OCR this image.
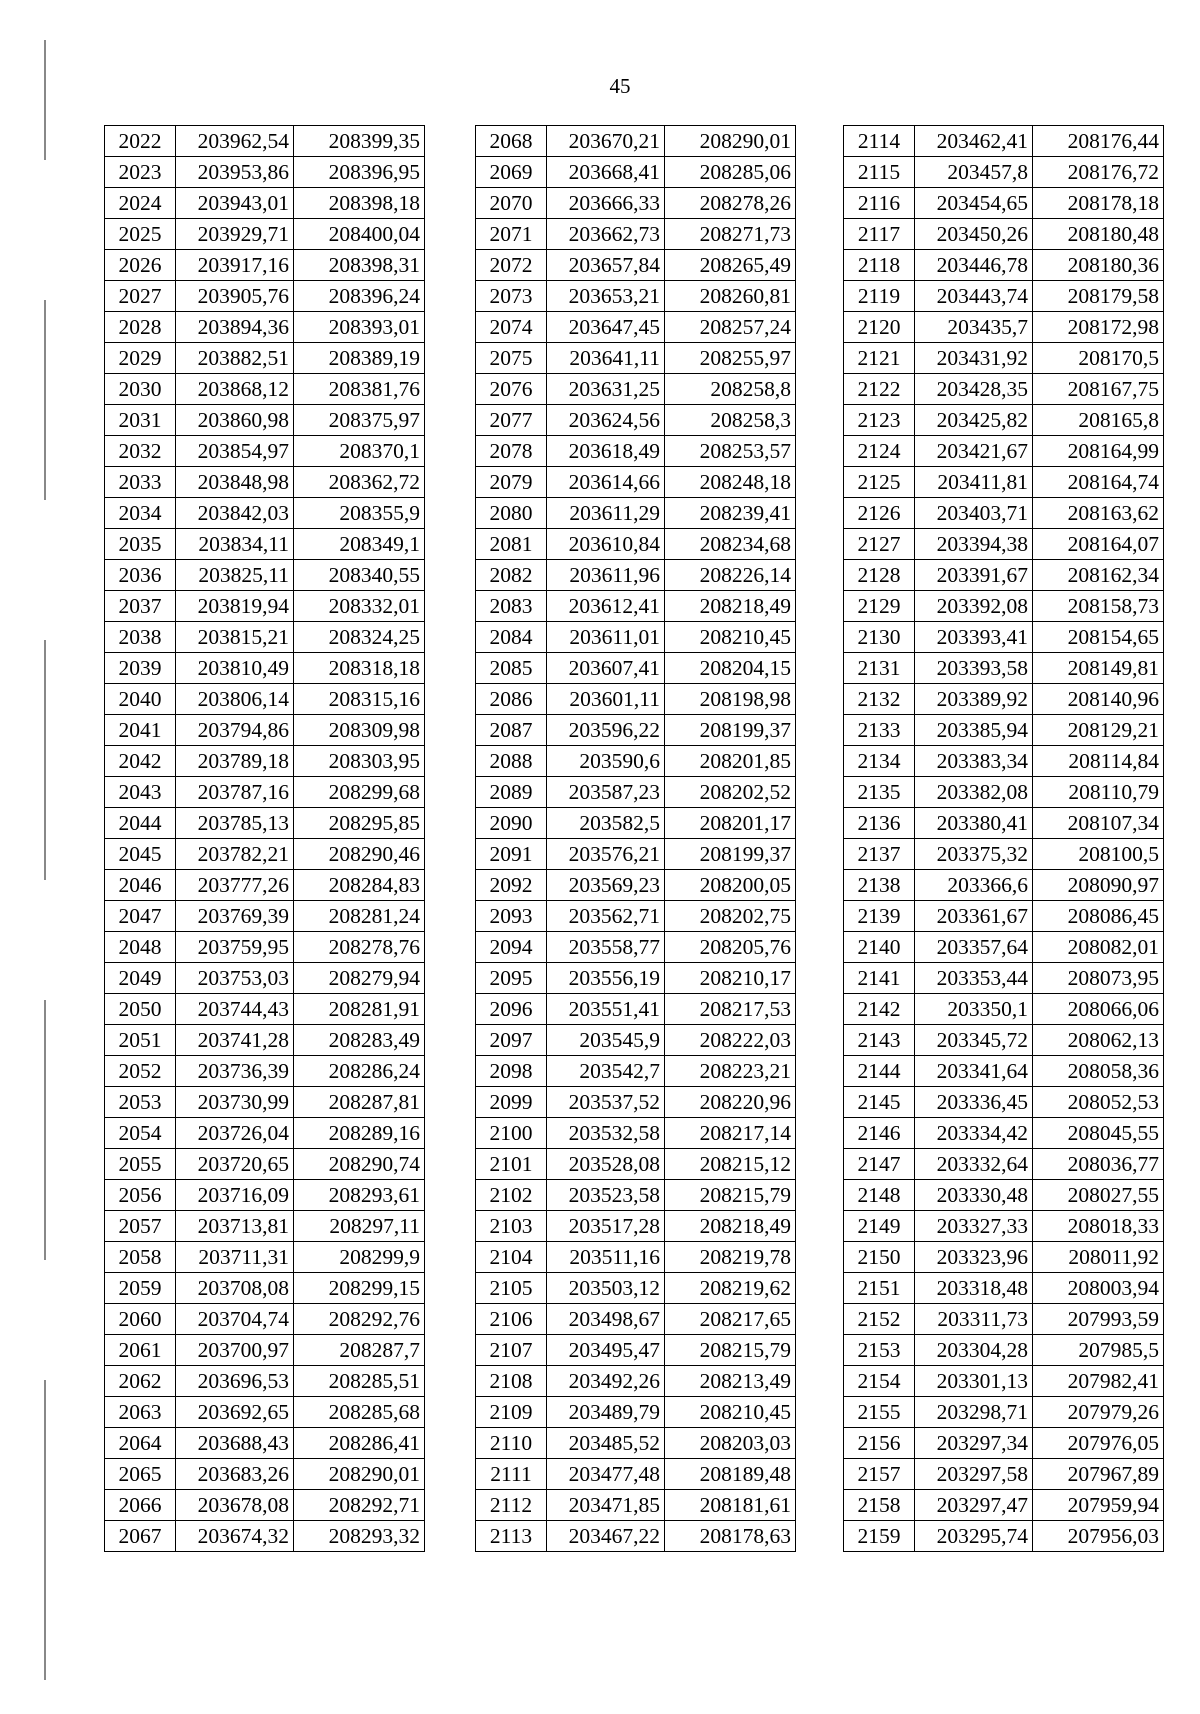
45
2022	203962,54	208399,35
2023	203953,86	208396,95
2024	203943,01	208398,18
2025	203929,71	208400,04
2026	203917,16	208398,31
2027	203905,76	208396,24
2028	203894,36	208393,01
2029	203882,51	208389,19
2030	203868,12	208381,76
2031	203860,98	208375,97
2032	203854,97	208370,1
2033	203848,98	208362,72
2034	203842,03	208355,9
2035	203834,11	208349,1
2036	203825,11	208340,55
2037	203819,94	208332,01
2038	203815,21	208324,25
2039	203810,49	208318,18
2040	203806,14	208315,16
2041	203794,86	208309,98
2042	203789,18	208303,95
2043	203787,16	208299,68
2044	203785,13	208295,85
2045	203782,21	208290,46
2046	203777,26	208284,83
2047	203769,39	208281,24
2048	203759,95	208278,76
2049	203753,03	208279,94
2050	203744,43	208281,91
2051	203741,28	208283,49
2052	203736,39	208286,24
2053	203730,99	208287,81
2054	203726,04	208289,16
2055	203720,65	208290,74
2056	203716,09	208293,61
2057	203713,81	208297,11
2058	203711,31	208299,9
2059	203708,08	208299,15
2060	203704,74	208292,76
2061	203700,97	208287,7
2062	203696,53	208285,51
2063	203692,65	208285,68
2064	203688,43	208286,41
2065	203683,26	208290,01
2066	203678,08	208292,71
2067	203674,32	208293,32
2068	203670,21	208290,01
2069	203668,41	208285,06
2070	203666,33	208278,26
2071	203662,73	208271,73
2072	203657,84	208265,49
2073	203653,21	208260,81
2074	203647,45	208257,24
2075	203641,11	208255,97
2076	203631,25	208258,8
2077	203624,56	208258,3
2078	203618,49	208253,57
2079	203614,66	208248,18
2080	203611,29	208239,41
2081	203610,84	208234,68
2082	203611,96	208226,14
2083	203612,41	208218,49
2084	203611,01	208210,45
2085	203607,41	208204,15
2086	203601,11	208198,98
2087	203596,22	208199,37
2088	203590,6	208201,85
2089	203587,23	208202,52
2090	203582,5	208201,17
2091	203576,21	208199,37
2092	203569,23	208200,05
2093	203562,71	208202,75
2094	203558,77	208205,76
2095	203556,19	208210,17
2096	203551,41	208217,53
2097	203545,9	208222,03
2098	203542,7	208223,21
2099	203537,52	208220,96
2100	203532,58	208217,14
2101	203528,08	208215,12
2102	203523,58	208215,79
2103	203517,28	208218,49
2104	203511,16	208219,78
2105	203503,12	208219,62
2106	203498,67	208217,65
2107	203495,47	208215,79
2108	203492,26	208213,49
2109	203489,79	208210,45
2110	203485,52	208203,03
2111	203477,48	208189,48
2112	203471,85	208181,61
2113	203467,22	208178,63
2114	203462,41	208176,44
2115	203457,8	208176,72
2116	203454,65	208178,18
2117	203450,26	208180,48
2118	203446,78	208180,36
2119	203443,74	208179,58
2120	203435,7	208172,98
2121	203431,92	208170,5
2122	203428,35	208167,75
2123	203425,82	208165,8
2124	203421,67	208164,99
2125	203411,81	208164,74
2126	203403,71	208163,62
2127	203394,38	208164,07
2128	203391,67	208162,34
2129	203392,08	208158,73
2130	203393,41	208154,65
2131	203393,58	208149,81
2132	203389,92	208140,96
2133	203385,94	208129,21
2134	203383,34	208114,84
2135	203382,08	208110,79
2136	203380,41	208107,34
2137	203375,32	208100,5
2138	203366,6	208090,97
2139	203361,67	208086,45
2140	203357,64	208082,01
2141	203353,44	208073,95
2142	203350,1	208066,06
2143	203345,72	208062,13
2144	203341,64	208058,36
2145	203336,45	208052,53
2146	203334,42	208045,55
2147	203332,64	208036,77
2148	203330,48	208027,55
2149	203327,33	208018,33
2150	203323,96	208011,92
2151	203318,48	208003,94
2152	203311,73	207993,59
2153	203304,28	207985,5
2154	203301,13	207982,41
2155	203298,71	207979,26
2156	203297,34	207976,05
2157	203297,58	207967,89
2158	203297,47	207959,94
2159	203295,74	207956,03
